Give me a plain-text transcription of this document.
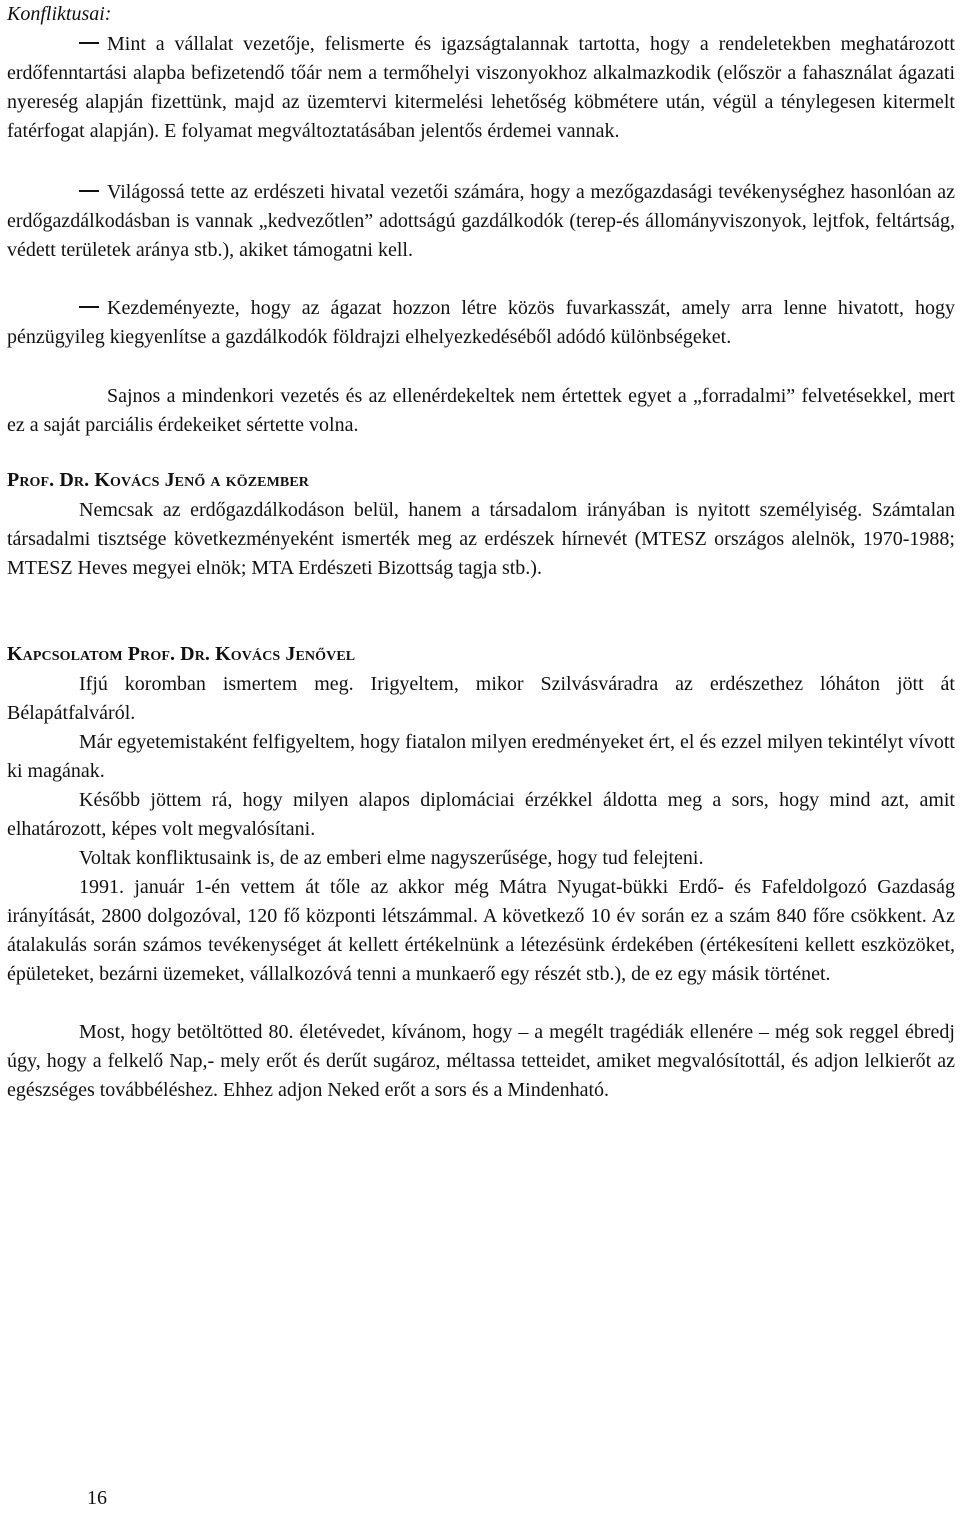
Konfliktusai:

Mint a vállalat vezetője, felismerte és igazságtalannak tartotta, hogy a rendeletekben meghatározott erdőfenntartási alapba befizetendő tőár nem a termőhelyi viszonyokhoz alkalmazkodik (először a fahasználat ágazati nyereség alapján fizettünk, majd az üzemtervi kitermelési lehetőség köbmétere után, végül a ténylegesen kitermelt fatérfogat alapján). E folyamat megváltoztatásában jelentős érdemei vannak.

Világossá tette az erdészeti hivatal vezetői számára, hogy a mezőgazdasági tevékenységhez hasonlóan az erdőgazdálkodásban is vannak „kedvezőtlen” adottságú gazdálkodók (terep-és állományviszonyok, lejtfok, feltártság, védett területek aránya stb.), akiket támogatni kell.

Kezdeményezte, hogy az ágazat hozzon létre közös fuvarkasszát, amely arra lenne hivatott, hogy pénzügyileg kiegyenlítse a gazdálkodók földrajzi elhelyezkedéséből adódó különbségeket.

Sajnos a mindenkori vezetés és az ellenérdekeltek nem értettek egyet a „forradalmi” felvetésekkel, mert ez a saját parciális érdekeiket sértette volna.

Prof. Dr. Kovács Jenő a közember

Nemcsak az erdőgazdálkodáson belül, hanem a társadalom irányában is nyitott személyiség. Számtalan társadalmi tisztsége következményeként ismerték meg az erdészek hírnevét (MTESZ országos alelnök, 1970-1988; MTESZ Heves megyei elnök; MTA Erdészeti Bizottság tagja stb.).

Kapcsolatom Prof. Dr. Kovács Jenővel

Ifjú koromban ismertem meg. Irigyeltem, mikor Szilvásváradra az erdészethez lóháton jött át Bélapátfalváról.

Már egyetemistaként felfigyeltem, hogy fiatalon milyen eredményeket ért, el és ezzel milyen tekintélyt vívott ki magának.

Később jöttem rá, hogy milyen alapos diplomáciai érzékkel áldotta meg a sors, hogy mind azt, amit elhatározott, képes volt megvalósítani.

Voltak konfliktusaink is, de az emberi elme nagyszerűsége, hogy tud felejteni.

1991. január 1-én vettem át tőle az akkor még Mátra Nyugat-bükki Erdő- és Fafeldolgozó Gazdaság irányítását, 2800 dolgozóval, 120 fő központi létszámmal. A következő 10 év során ez a szám 840 főre csökkent. Az átalakulás során számos tevékenységet át kellett értékelnünk a létezésünk érdekében (értékesíteni kellett eszközöket, épületeket, bezárni üzemeket, vállalkozóvá tenni a munkaerő egy részét stb.), de ez egy másik történet.

Most, hogy betöltötted 80. életévedet, kívánom, hogy – a megélt tragédiák ellenére – még sok reggel ébredj úgy, hogy a felkelő Nap,- mely erőt és derűt sugároz, méltassa tetteidet, amiket megvalósítottál, és adjon lelkierőt az egészséges továbbéléshez. Ehhez adjon Neked erőt a sors és a Mindenható.

16
